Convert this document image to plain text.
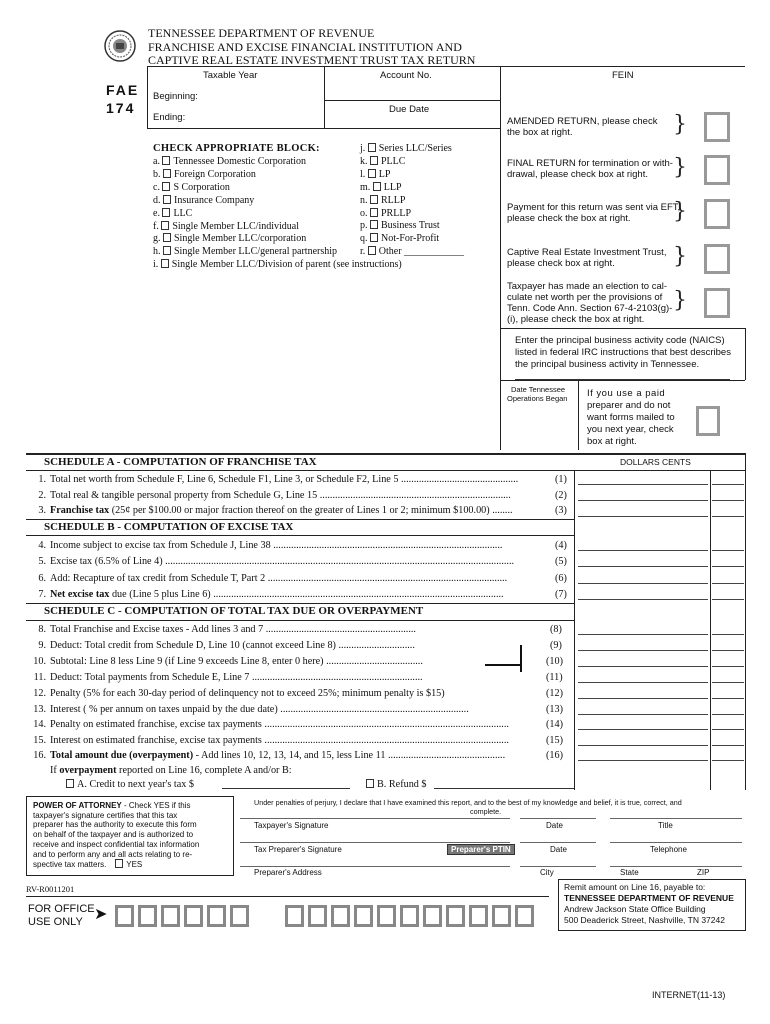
TENNESSEE DEPARTMENT OF REVENUE
FRANCHISE AND EXCISE FINANCIAL INSTITUTION AND
CAPTIVE REAL ESTATE INVESTMENT TRUST TAX RETURN
FAE
174
Taxable Year	Account No.	FEIN
Beginning:
Due Date
Ending:
CHECK APPROPRIATE BLOCK:
a. Tennessee Domestic Corporation
b. Foreign Corporation
c. S Corporation
d. Insurance Company
e. LLC
f. Single Member LLC/individual
g. Single Member LLC/corporation
h. Single Member LLC/general partnership
i. Single Member LLC/Division of parent (see instructions)
j. Series LLC/Series
k. PLLC
l. LP
m. LLP
n. RLLP
o. PRLLP
p. Business Trust
q. Not-For-Profit
r. Other ____________
AMENDED RETURN, please check
the box at right.	}
FINAL RETURN for termination or with-
drawal, please check box at right. }
Payment for this return was sent via EFT,
please check the box at right. }
Captive Real Estate Investment Trust,
please check box at right.	}
Taxpayer has made an election to cal-
culate net worth per the provisions of
Tenn. Code Ann. Section 67-4-2103(g)-
(i), please check the box at right.
}
Enter the principal business activity code (NAICS)
listed in federal IRC instructions that best describes
the principal business activity in Tennessee.
Date Tennessee
Operations Began If you use a paid
preparer and do not
want forms mailed to
you next year, check
box at right.
SCHEDULE A - COMPUTATION OF FRANCHISE TAX	DOLLARS CENTS
1. Total net worth from Schedule F, Line 6, Schedule F1, Line 3, or Schedule F2, Line 5 ..............................................	(1)
2. Total real & tangible personal property from Schedule G, Line 15 ...........................................................................	(2)
3. Franchise tax (25¢ per $100.00 or major fraction thereof on the greater of Lines 1 or 2; minimum $100.00) ........	(3)
SCHEDULE B - COMPUTATION OF EXCISE TAX
4. Income subject to excise tax from Schedule J, Line 38 ..........................................................................................	(4)
5. Excise tax (6.5% of Line 4) .........................................................................................................................................	(5)
6. Add: Recapture of tax credit from Schedule T, Part 2 ..............................................................................................	(6)
7. Net excise tax due (Line 5 plus Line 6) ..................................................................................................................	(7)
SCHEDULE C - COMPUTATION OF TOTAL TAX DUE OR OVERPAYMENT
8. Total Franchise and Excise taxes - Add lines 3 and 7 ...........................................................	(8)
9. Deduct: Total credit from Schedule D, Line 10 (cannot exceed Line 8) ..............................	(9)
10. Subtotal: Line 8 less Line 9 (if Line 9 exceeds Line 8, enter 0 here) ......................................	(10)
11. Deduct: Total payments from Schedule E, Line 7 ...................................................................	(11)
12. Penalty (5% for each 30-day period of delinquency not to exceed 25%; minimum penalty is $15)	(12)
13. Interest ( % per annum on taxes unpaid by the due date) ..........................................................................	(13)
14. Penalty on estimated franchise, excise tax payments ................................................................................................	(14)
15. Interest on estimated franchise, excise tax payments ................................................................................................	(15)
16. Total amount due (overpayment) - Add lines 10, 12, 13, 14, and 15, less Line 11 ..............................................	(16)
If overpayment reported on Line 16, complete A and/or B:
A. Credit to next year's tax $	B. Refund $
POWER OF ATTORNEY - Check YES if this
taxpayer's signature certifies that this tax
preparer has the authority to execute this form
on behalf of the taxpayer and is authorized to
receive and inspect confidential tax information
and to perform any and all acts relating to re-
spective tax matters. YES
Under penalties of perjury, I declare that I have examined this report, and to the best of my knowledge and belief, it is true, correct, and
complete.
Taxpayer's Signature	Date	Title
Tax Preparer's Signature	Preparer's PTIN	Date	Telephone
Preparer's Address	City	State	ZIP
RV-R0011201
FOR OFFICE
USE ONLY ➤
Remit amount on Line 16, payable to:
TENNESSEE DEPARTMENT OF REVENUE
Andrew Jackson State Office Building
500 Deaderick Street, Nashville, TN 37242
INTERNET(11-13)
